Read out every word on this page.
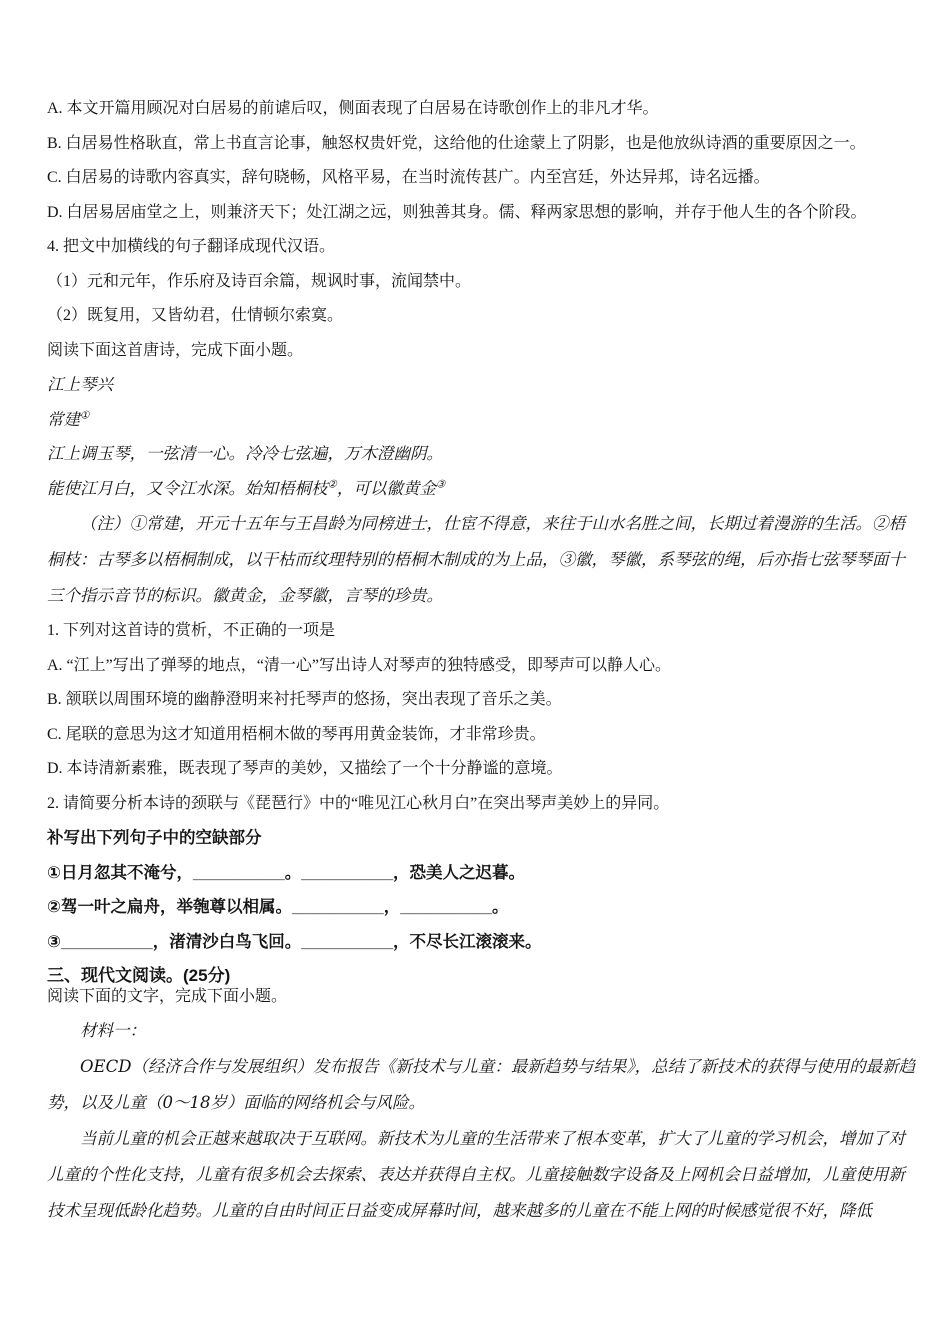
A. 本文开篇用顾况对白居易的前谑后叹，侧面表现了白居易在诗歌创作上的非凡才华。

B. 白居易性格耿直，常上书直言论事，触怒权贵奸党，这给他的仕途蒙上了阴影，也是他放纵诗酒的重要原因之一。

C. 白居易的诗歌内容真实，辞句晓畅，风格平易，在当时流传甚广。内至宫廷，外达异邦，诗名远播。

D. 白居易居庙堂之上，则兼济天下；处江湖之远，则独善其身。儒、释两家思想的影响，并存于他人生的各个阶段。

4. 把文中加横线的句子翻译成现代汉语。

（1）元和元年，作乐府及诗百余篇，规讽时事，流闻禁中。

（2）既复用，又皆幼君，仕情顿尔索寞。

阅读下面这首唐诗，完成下面小题。

江上琴兴

常建①

江上调玉琴，一弦清一心。冷冷七弦遍，万木澄幽阴。

能使江月白，又令江水深。始知梧桐枝②，可以徽黄金③

（注）①常建，开元十五年与王昌龄为同榜进士，仕宦不得意，来往于山水名胜之间，长期过着漫游的生活。②梧桐枝：古琴多以梧桐制成，以干枯而纹理特别的梧桐木制成的为上品，③徽，琴徽，系琴弦的绳，后亦指七弦琴琴面十三个指示音节的标识。徽黄金，金琴徽，言琴的珍贵。

1. 下列对这首诗的赏析，不正确的一项是

A. “江上”写出了弹琴的地点，“清一心”写出诗人对琴声的独特感受，即琴声可以静人心。

B. 颔联以周围环境的幽静澄明来衬托琴声的悠扬，突出表现了音乐之美。

C. 尾联的意思为这才知道用梧桐木做的琴再用黄金装饰，才非常珍贵。

D. 本诗清新素雅，既表现了琴声的美妙，又描绘了一个十分静谧的意境。

2. 请简要分析本诗的颈联与《琵琶行》中的“唯见江心秋月白”在突出琴声美妙上的异同。

补写出下列句子中的空缺部分

①日月忽其不淹兮，__________。__________，恐美人之迟暮。

②驾一叶之扁舟，举匏尊以相属。__________，__________。

③__________，渚清沙白鸟飞回。__________，不尽长江滚滚来。

三、现代文阅读。(25分)

阅读下面的文字，完成下面小题。

材料一：

OECD（经济合作与发展组织）发布报告《新技术与儿童：最新趋势与结果》，总结了新技术的获得与使用的最新趋势，以及儿童（0～18岁）面临的网络机会与风险。

当前儿童的机会正越来越取决于互联网。新技术为儿童的生活带来了根本变革，扩大了儿童的学习机会，增加了对儿童的个性化支持，儿童有很多机会去探索、表达并获得自主权。儿童接触数字设备及上网机会日益增加，儿童使用新技术呈现低龄化趋势。儿童的自由时间正日益变成屏幕时间，越来越多的儿童在不能上网的时候感觉很不好，降低
